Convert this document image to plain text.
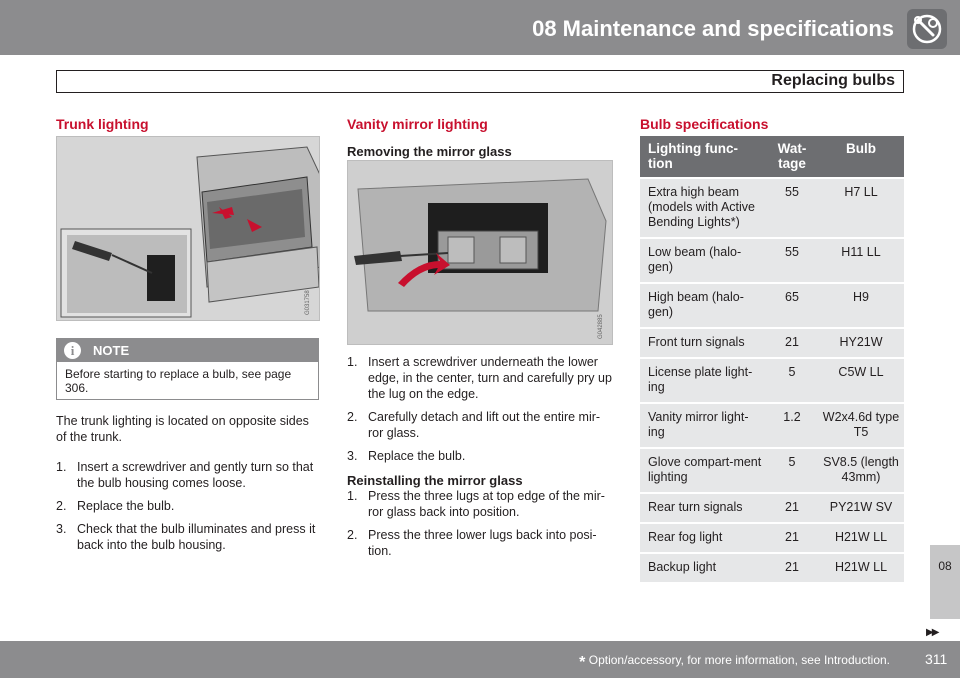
08 Maintenance and specifications
Replacing bulbs
Trunk lighting
G031758
i	NOTE
Before starting to replace a bulb, see page 306.

The trunk lighting is located on opposite sides of the trunk.

1. Insert a screwdriver and gently turn so that the bulb housing comes loose.
2. Replace the bulb.
3. Check that the bulb illuminates and press it back into the bulb housing.
Vanity mirror lighting
Removing the mirror glass
G042885
1. Insert a screwdriver underneath the lower edge, in the center, turn and carefully pry up the lug on the edge.
2. Carefully detach and lift out the entire mir-ror glass.
3. Replace the bulb.
Reinstalling the mirror glass
1. Press the three lugs at top edge of the mir-ror glass back into position.
2. Press the three lower lugs back into posi-tion.
Bulb specifications
Lighting func-tion	Wat-tage	Bulb
Extra high beam (models with Active Bending Lights*)	55	H7 LL
Low beam (halo-gen)	55	H11 LL
High beam (halo-gen)	65	H9
Front turn signals	21	HY21W
License plate light-ing	5	C5W LL
Vanity mirror light-ing	1.2	W2x4.6d type T5
Glove compart-ment lighting	5	SV8.5 (length 43mm)
Rear turn signals	21	PY21W SV
Rear fog light	21	H21W LL
Backup light	21	H21W LL	08
▶▶
* Option/accessory, for more information, see Introduction.	311
